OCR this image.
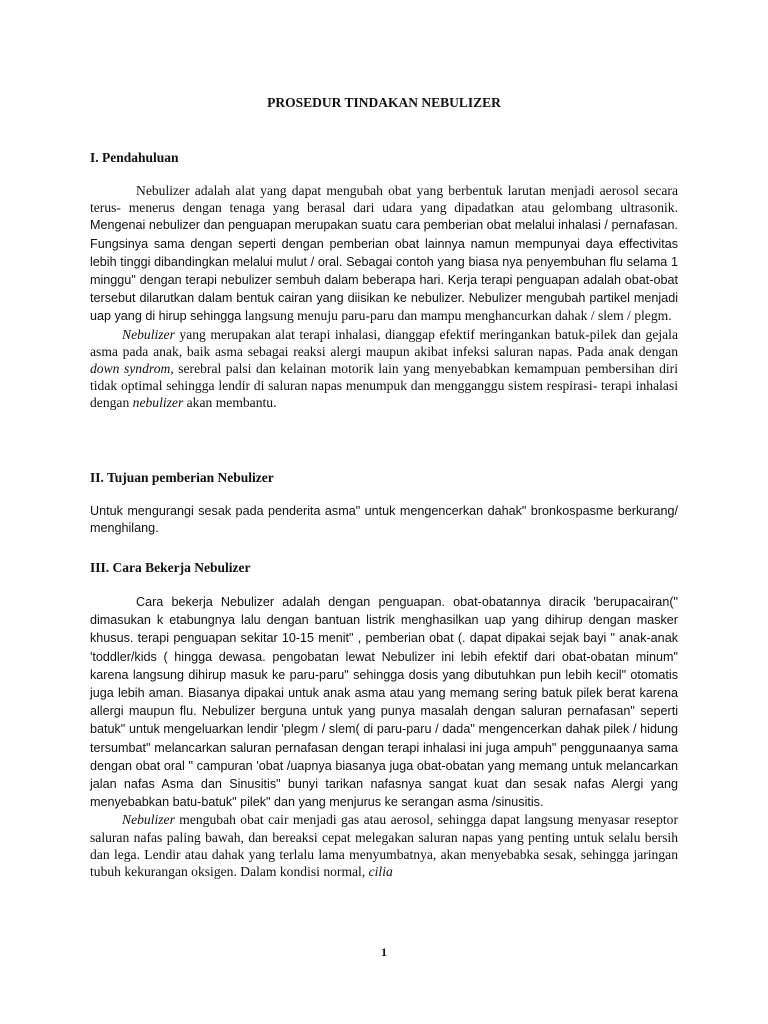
PROSEDUR TINDAKAN NEBULIZER
I. Pendahuluan

Nebulizer adalah alat yang dapat mengubah obat yang berbentuk larutan menjadi aerosol secara terus- menerus dengan tenaga yang berasal dari udara yang dipadatkan atau gelombang ultrasonik. Mengenai nebulizer dan penguapan merupakan suatu cara pemberian obat melalui inhalasi / pernafasan. Fungsinya sama dengan seperti dengan pemberian obat lainnya namun mempunyai daya effectivitas lebih tinggi dibandingkan melalui mulut / oral. Sebagai contoh yang biasa nya penyembuhan flu selama 1 minggu" dengan terapi nebulizer sembuh dalam beberapa hari. Kerja terapi penguapan adalah obat-obat tersebut dilarutkan dalam bentuk cairan yang diisikan ke nebulizer. Nebulizer mengubah partikel menjadi uap yang di hirup sehingga langsung menuju paru-paru dan mampu menghancurkan dahak / slem / plegm.

Nebulizer yang merupakan alat terapi inhalasi, dianggap efektif meringankan batuk-pilek dan gejala asma pada anak, baik asma sebagai reaksi alergi maupun akibat infeksi saluran napas. Pada anak dengan down syndrom, serebral palsi dan kelainan motorik lain yang menyebabkan kemampuan pembersihan diri tidak optimal sehingga lendir di saluran napas menumpuk dan mengganggu sistem respirasi- terapi inhalasi dengan nebulizer akan membantu.

II. Tujuan pemberian Nebulizer

Untuk mengurangi sesak pada penderita asma" untuk mengencerkan dahak" bronkospasme berkurang/ menghilang.

III. Cara Bekerja Nebulizer

Cara bekerja Nebulizer adalah dengan penguapan. obat-obatannya diracik 'berupacairan(" dimasukan k etabungnya lalu dengan bantuan listrik menghasilkan uap yang dihirup dengan masker khusus. terapi penguapan sekitar 10-15 menit" , pemberian obat (. dapat dipakai sejak bayi " anak-anak 'toddler/kids ( hingga dewasa. pengobatan lewat Nebulizer ini lebih efektif dari obat-obatan minum" karena langsung dihirup masuk ke paru-paru" sehingga dosis yang dibutuhkan pun lebih kecil" otomatis juga lebih aman. Biasanya dipakai untuk anak asma atau yang memang sering batuk pilek berat karena allergi maupun flu. Nebulizer berguna untuk yang punya masalah dengan saluran pernafasan" seperti batuk" untuk mengeluarkan lendir 'plegm / slem( di paru-paru / dada" mengencerkan dahak pilek / hidung tersumbat" melancarkan saluran pernafasan dengan terapi inhalasi ini juga ampuh" penggunaanya sama dengan obat oral " campuran 'obat /uapnya biasanya juga obat-obatan yang memang untuk melancarkan jalan nafas Asma dan Sinusitis" bunyi tarikan nafasnya sangat kuat dan sesak nafas Alergi yang menyebabkan batu-batuk" pilek" dan yang menjurus ke serangan asma /sinusitis.

Nebulizer mengubah obat cair menjadi gas atau aerosol, sehingga dapat langsung menyasar reseptor saluran nafas paling bawah, dan bereaksi cepat melegakan saluran napas yang penting untuk selalu bersih dan lega. Lendir atau dahak yang terlalu lama menyumbatnya, akan menyebabka sesak, sehingga jaringan tubuh kekurangan oksigen. Dalam kondisi normal, cilia

1
